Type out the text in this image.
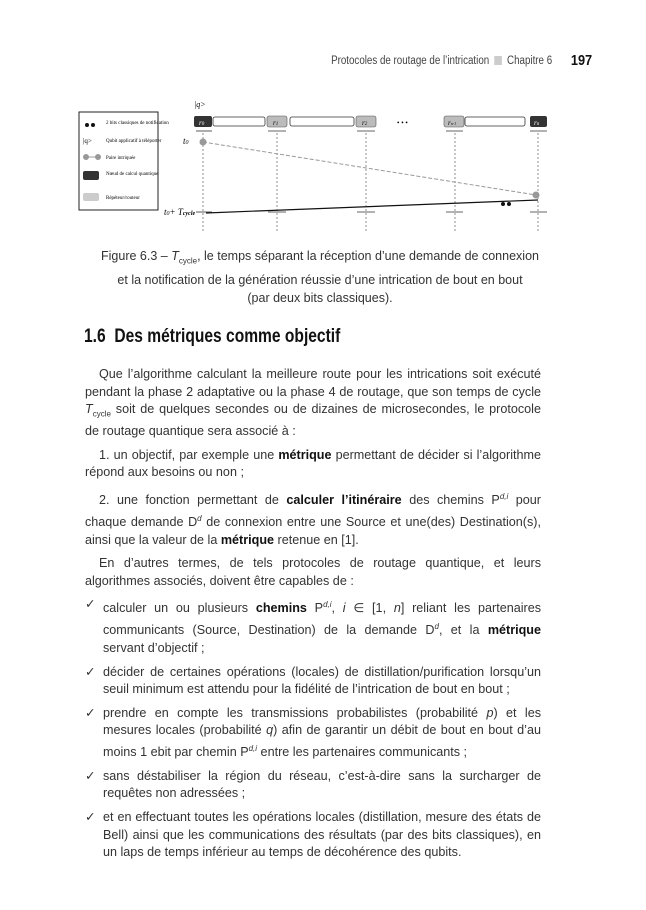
Protocoles de routage de l’intrication Chapitre 6 197
2 bits classiques de notification
|q>	Qubit applicatif à téléporter
Paire intriquée
Nœud de calcul quantique
Répéteur/routeur
|q>
r0	r1	r2	• • •	rn-1	rn
t0
t0+ Tcycle
Figure $6.3 - T_{cycle}$, le temps séparant la réception d’une demande de connexion
et la notification de la génération réussie d’une intrication de bout en bout
(par deux bits classiques).
1.6 Des métriques comme objectif

Que l’algorithme calculant la meilleure route pour les intrications soit exécuté pendant la phase 2 adaptative ou la phase 4 de routage, que son temps de cycle $T_{cycle}$ soit de quelques secondes ou de dizaines de microsecondes, le protocole de routage quantique sera associé à :

1. un objectif, par exemple une métrique permettant de décider si l’algorithme répond aux besoins ou non ;

2. une fonction permettant de calculer l’itinéraire des chemins P$^{d,i}$ pour chaque demande $D^d$ de connexion entre une Source et une(des) Destination(s), ainsi que la valeur de la métrique retenue en [1].

En d’autres termes, de tels protocoles de routage quantique, et leurs algorithmes associés, doivent être capables de :

✓ calculer un ou plusieurs chemins P$^{d,i}$, i ∈ [1, n] reliant les partenaires communicants (Source, Destination) de la demande $D^d$, et la métrique servant d’objectif ;
✓ décider de certaines opérations (locales) de distillation/purification lorsqu’un seuil minimum est attendu pour la fidélité de l’intrication de bout en bout ;
✓ prendre en compte les transmissions probabilistes (probabilité p) et les mesures locales (probabilité q) afin de garantir un débit de bout en bout d’au moins 1 ebit par chemin P$^{d,i}$ entre les partenaires communicants ;
✓ sans déstabiliser la région du réseau, c’est-à-dire sans la surcharger de requêtes non adressées ;
✓ et en effectuant toutes les opérations locales (distillation, mesure des états de Bell) ainsi que les communications des résultats (par des bits classiques), en un laps de temps inférieur au temps de décohérence des qubits.
